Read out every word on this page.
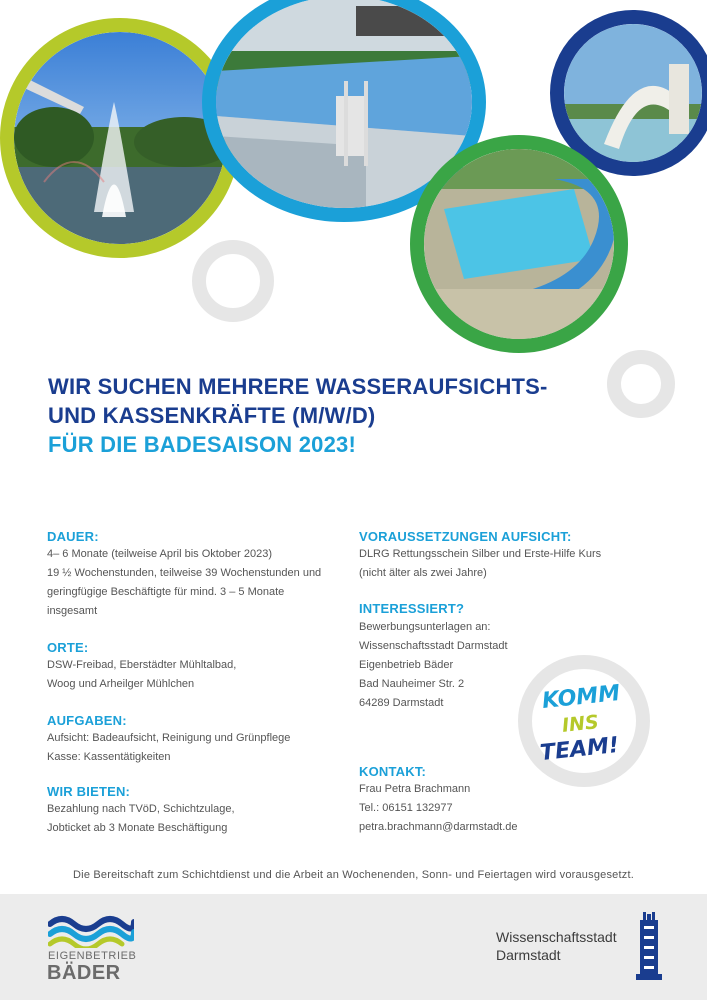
WIR SUCHEN MEHRERE WASSERAUFSICHTS-
UND KASSENKRÄFTE (M/W/D)
FÜR DIE BADESAISON 2023!
DAUER:
4– 6 Monate (teilweise April bis Oktober 2023)
19 ½ Wochenstunden, teilweise 39 Wochenstunden und
geringfügige Beschäftigte für mind. 3 – 5 Monate
insgesamt
ORTE:
DSW-Freibad, Eberstädter Mühltalbad,
Woog und Arheilger Mühlchen
AUFGABEN:
Aufsicht: Badeaufsicht, Reinigung und Grünpflege
Kasse: Kassentätigkeiten
WIR BIETEN:
Bezahlung nach TVöD, Schichtzulage,
Jobticket ab 3 Monate Beschäftigung
VORAUSSETZUNGEN AUFSICHT:
DLRG Rettungsschein Silber und Erste-Hilfe Kurs
(nicht älter als zwei Jahre)
INTERESSIERT?
Bewerbungsunterlagen an:
Wissenschaftsstadt Darmstadt
Eigenbetrieb Bäder
Bad Nauheimer Str. 2
64289 Darmstadt
KONTAKT:
Frau Petra Brachmann
Tel.: 06151 132977
petra.brachmann@darmstadt.de
KOMM
INS
TEAM!
Die Bereitschaft zum Schichtdienst und die Arbeit an Wochenenden, Sonn- und Feiertagen wird vorausgesetzt.
EIGENBETRIEB
BÄDER
Wissenschaftsstadt
Darmstadt
